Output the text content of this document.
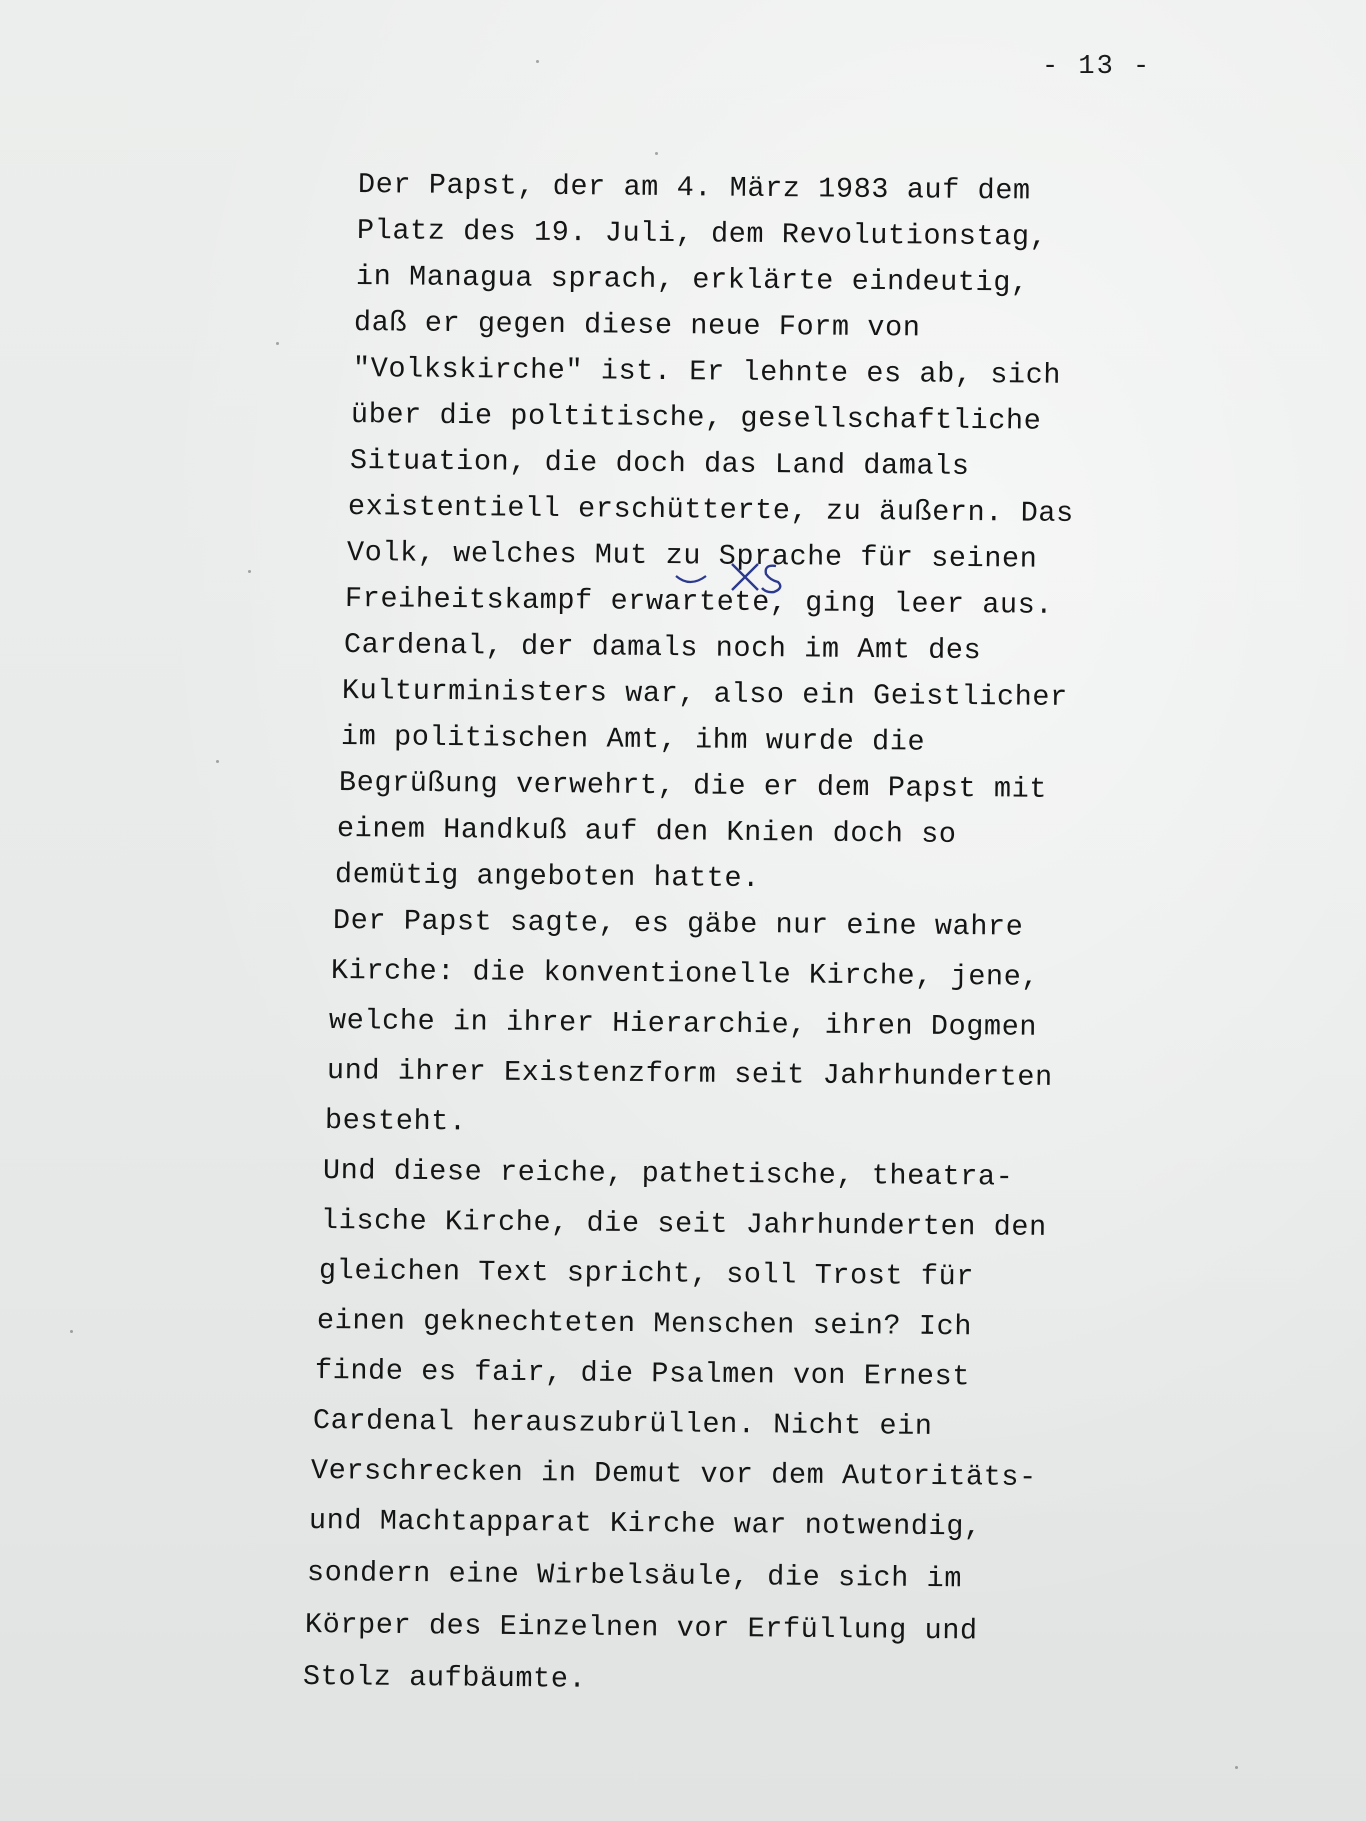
- 13 -
Der Papst, der am 4. März 1983 auf dem
Platz des 19. Juli, dem Revolutionstag,
in Managua sprach, erklärte eindeutig,
daß er gegen diese neue Form von
"Volkskirche" ist. Er lehnte es ab, sich
über die poltitische, gesellschaftliche
Situation, die doch das Land damals
existentiell erschütterte, zu äußern. Das
Volk, welches Mut zu Sprache für seinen
Freiheitskampf erwartete, ging leer aus.
Cardenal, der damals noch im Amt des
Kulturministers war, also ein Geistlicher
im politischen Amt, ihm wurde die
Begrüßung verwehrt, die er dem Papst mit
einem Handkuß auf den Knien doch so
demütig angeboten hatte.
Der Papst sagte, es gäbe nur eine wahre
Kirche: die konventionelle Kirche, jene,
welche in ihrer Hierarchie, ihren Dogmen
und ihrer Existenzform seit Jahrhunderten
besteht.
Und diese reiche, pathetische, theatra-
lische Kirche, die seit Jahrhunderten den
gleichen Text spricht, soll Trost für
einen geknechteten Menschen sein? Ich
finde es fair, die Psalmen von Ernest
Cardenal herauszubrüllen. Nicht ein
Verschrecken in Demut vor dem Autoritäts-
und Machtapparat Kirche war notwendig,
sondern eine Wirbelsäule, die sich im
Körper des Einzelnen vor Erfüllung und
Stolz aufbäumte.
